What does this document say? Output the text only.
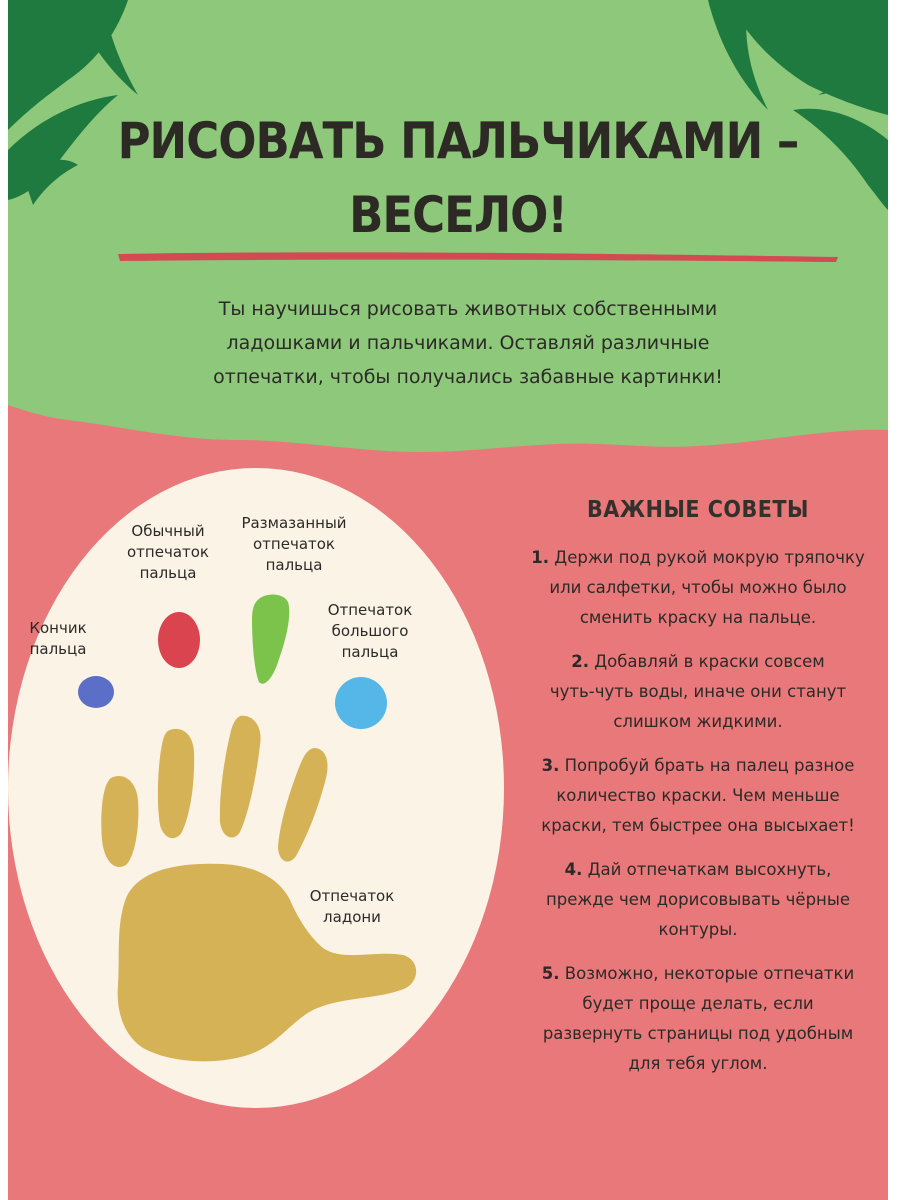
РИСОВАТЬ ПАЛЬЧИКАМИ –
ВЕСЕЛО!
Ты научишься рисовать животных собственными
ладошками и пальчиками. Оставляй различные
отпечатки, чтобы получались забавные картинки!
Кончик
пальца
Обычный
отпечаток
пальца
Размазанный
отпечаток
пальца
Отпечаток
большого
пальца
Отпечаток
ладони
ВАЖНЫЕ СОВЕТЫ
1. Держи под рукой мокрую тряпочку
или салфетки, чтобы можно было
сменить краску на пальце.
2. Добавляй в краски совсем
чуть-чуть воды, иначе они станут
слишком жидкими.
3. Попробуй брать на палец разное
количество краски. Чем меньше
краски, тем быстрее она высыхает!
4. Дай отпечаткам высохнуть,
прежде чем дорисовывать чёрные
контуры.
5. Возможно, некоторые отпечатки
будет проще делать, если
развернуть страницы под удобным
для тебя углом.
